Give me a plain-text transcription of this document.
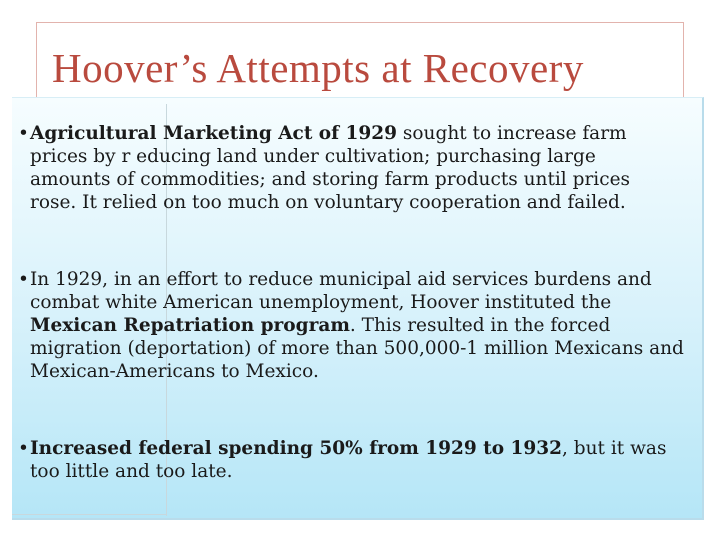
Hoover’s Attempts at Recovery

•Agricultural Marketing Act of 1929 sought to increase farm prices by r educing land under cultivation; purchasing large amounts of commodities; and storing farm products until prices rose. It relied on too much on voluntary cooperation and failed.

•In 1929, in an effort to reduce municipal aid services burdens and combat white American unemployment, Hoover instituted the Mexican Repatriation program. This resulted in the forced migration (deportation) of more than 500,000-1 million Mexicans and Mexican-Americans to Mexico.

•Increased federal spending 50% from 1929 to 1932, but it was too little and too late.
